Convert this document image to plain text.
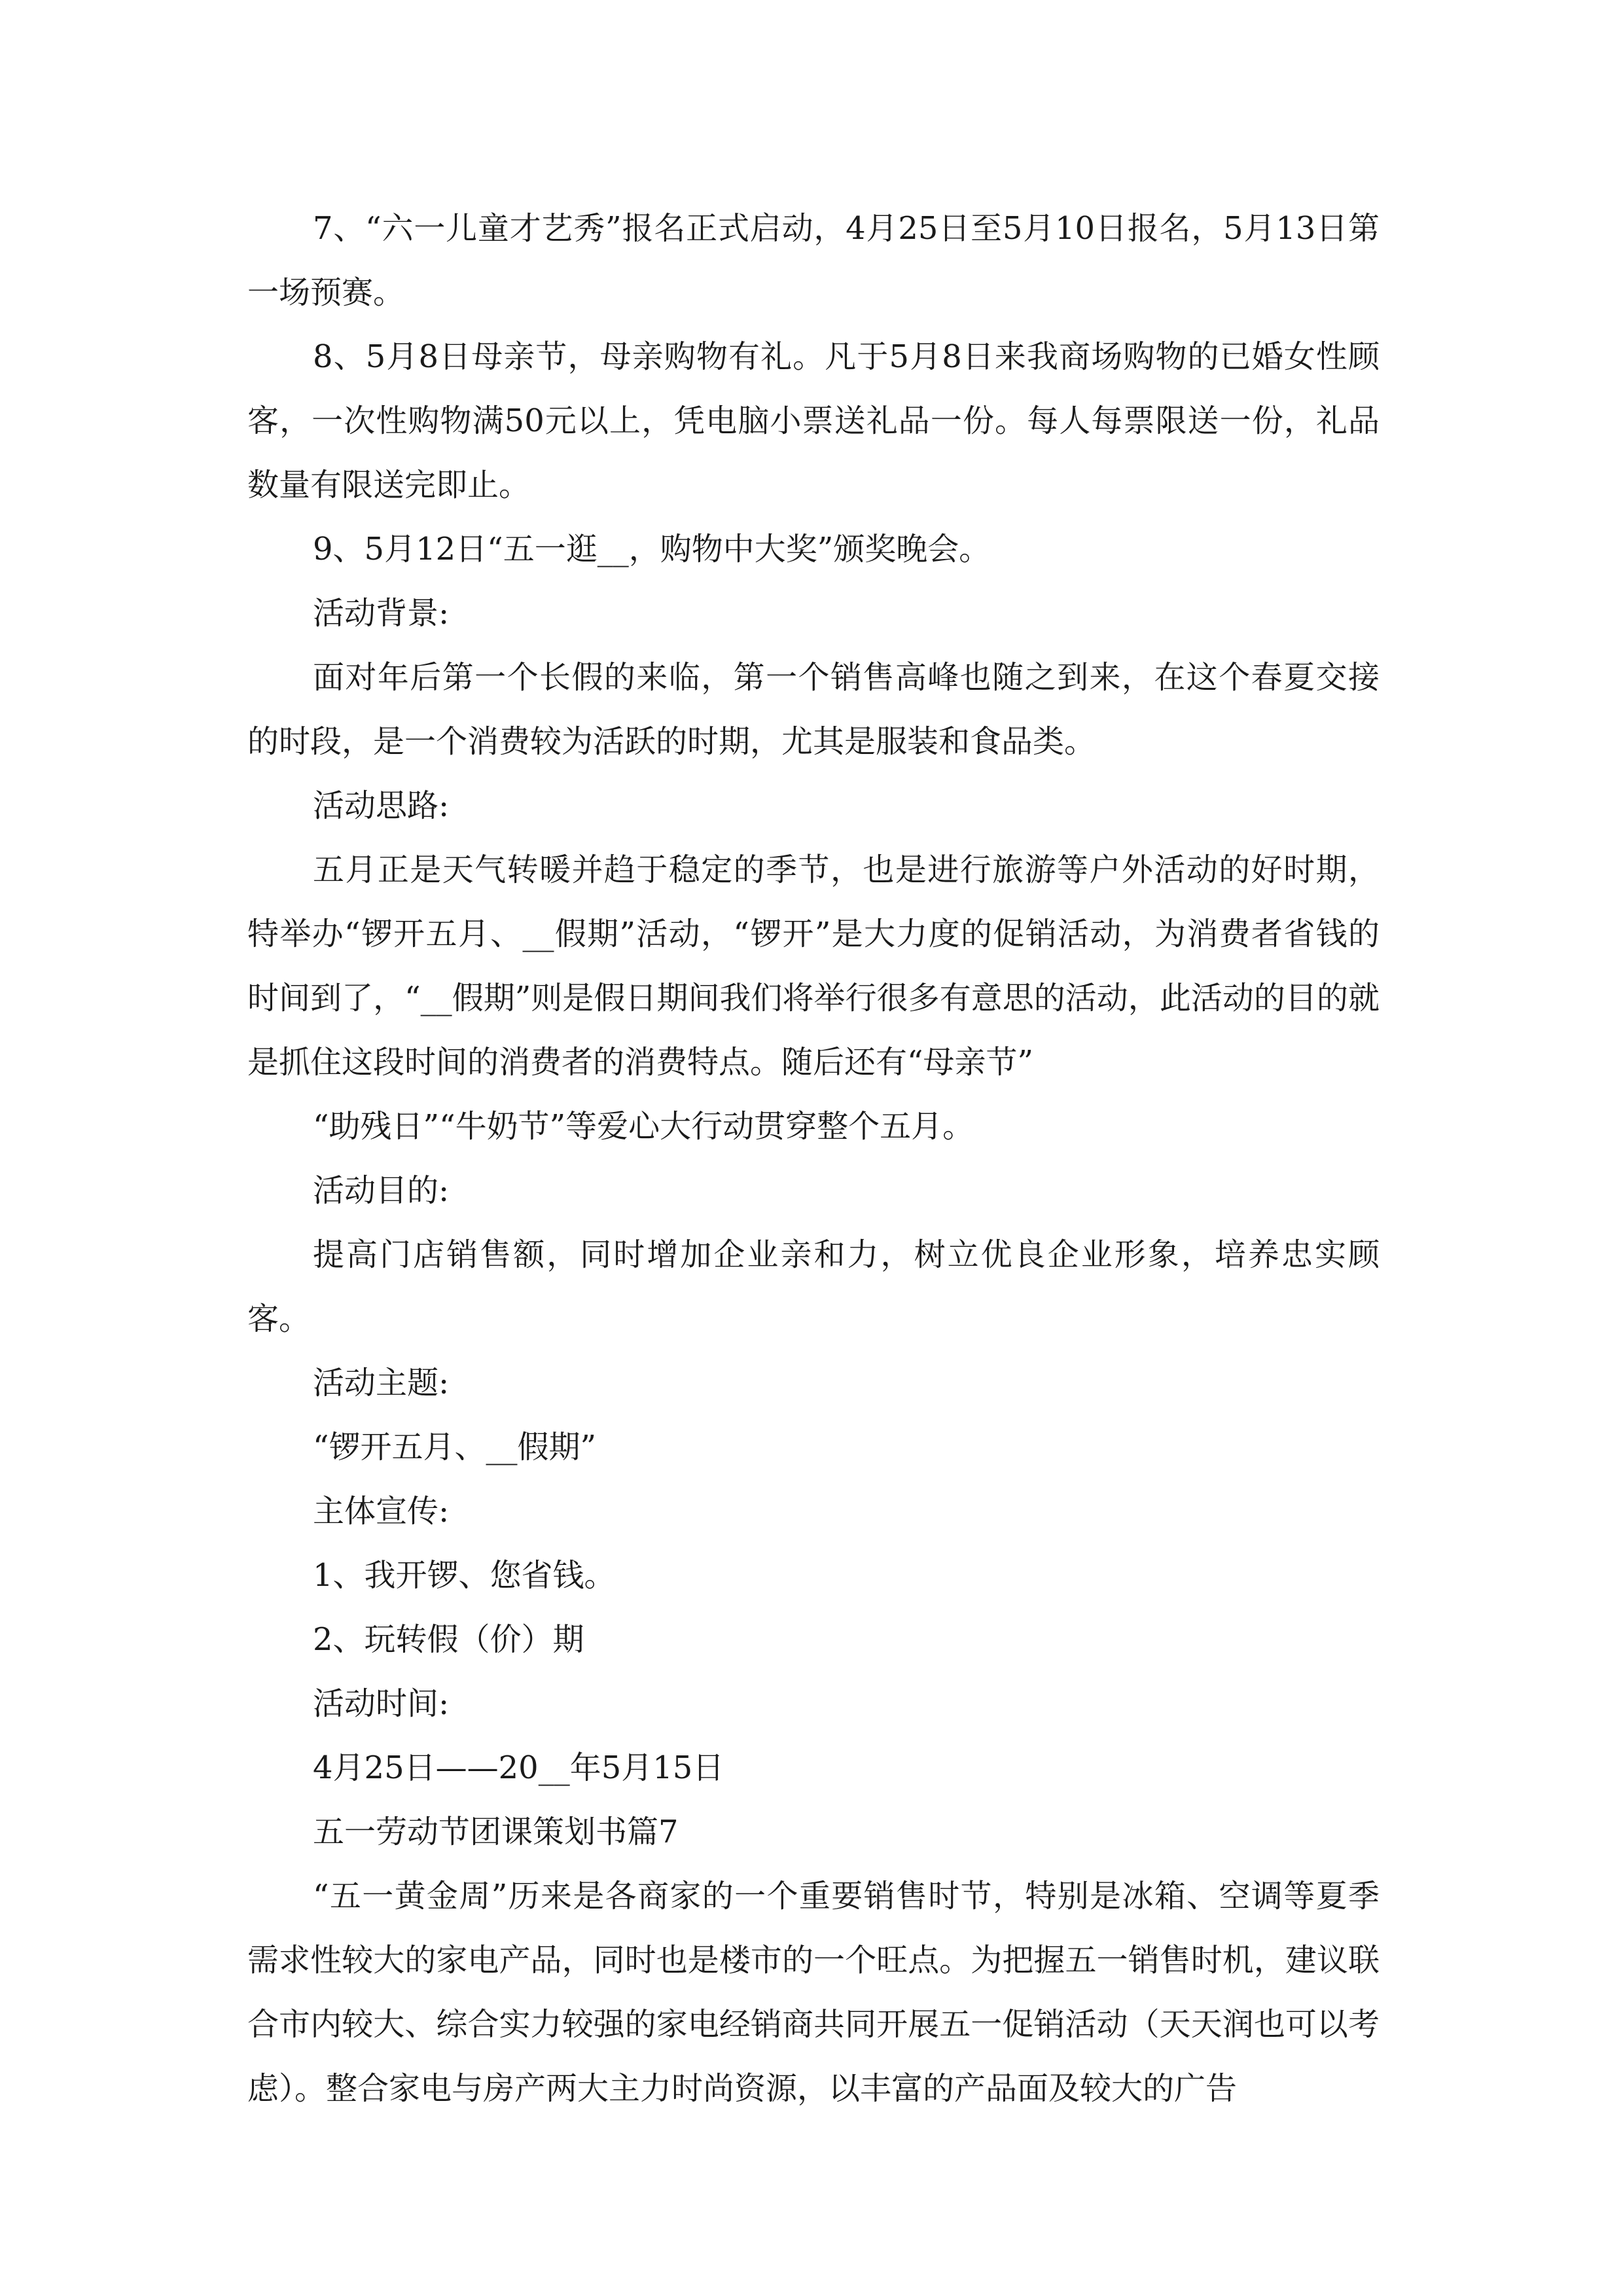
7、“六一儿童才艺秀”报名正式启动，4月25日至5月10日报名，5月13日第一场预赛。

8、5月8日母亲节，母亲购物有礼。凡于5月8日来我商场购物的已婚女性顾客，一次性购物满50元以上，凭电脑小票送礼品一份。每人每票限送一份，礼品数量有限送完即止。

9、5月12日“五一逛__，购物中大奖”颁奖晚会。

活动背景:

面对年后第一个长假的来临，第一个销售高峰也随之到来，在这个春夏交接的时段，是一个消费较为活跃的时期，尤其是服装和食品类。

活动思路:

五月正是天气转暖并趋于稳定的季节，也是进行旅游等户外活动的好时期，特举办“锣开五月、__假期”活动，“锣开”是大力度的促销活动，为消费者省钱的时间到了，“__假期”则是假日期间我们将举行很多有意思的活动，此活动的目的就是抓住这段时间的消费者的消费特点。随后还有“母亲节”

“助残日”“牛奶节”等爱心大行动贯穿整个五月。

活动目的:

提高门店销售额，同时增加企业亲和力，树立优良企业形象，培养忠实顾客。

活动主题:

“锣开五月、__假期”

主体宣传:

1、我开锣、您省钱。

2、玩转假（价）期

活动时间:

4月25日——20__年5月15日

五一劳动节团课策划书篇7

“五一黄金周”历来是各商家的一个重要销售时节，特别是冰箱、空调等夏季需求性较大的家电产品，同时也是楼市的一个旺点。为把握五一销售时机，建议联合市内较大、综合实力较强的家电经销商共同开展五一促销活动（天天润也可以考虑）。整合家电与房产两大主力时尚资源，以丰富的产品面及较大的广告
